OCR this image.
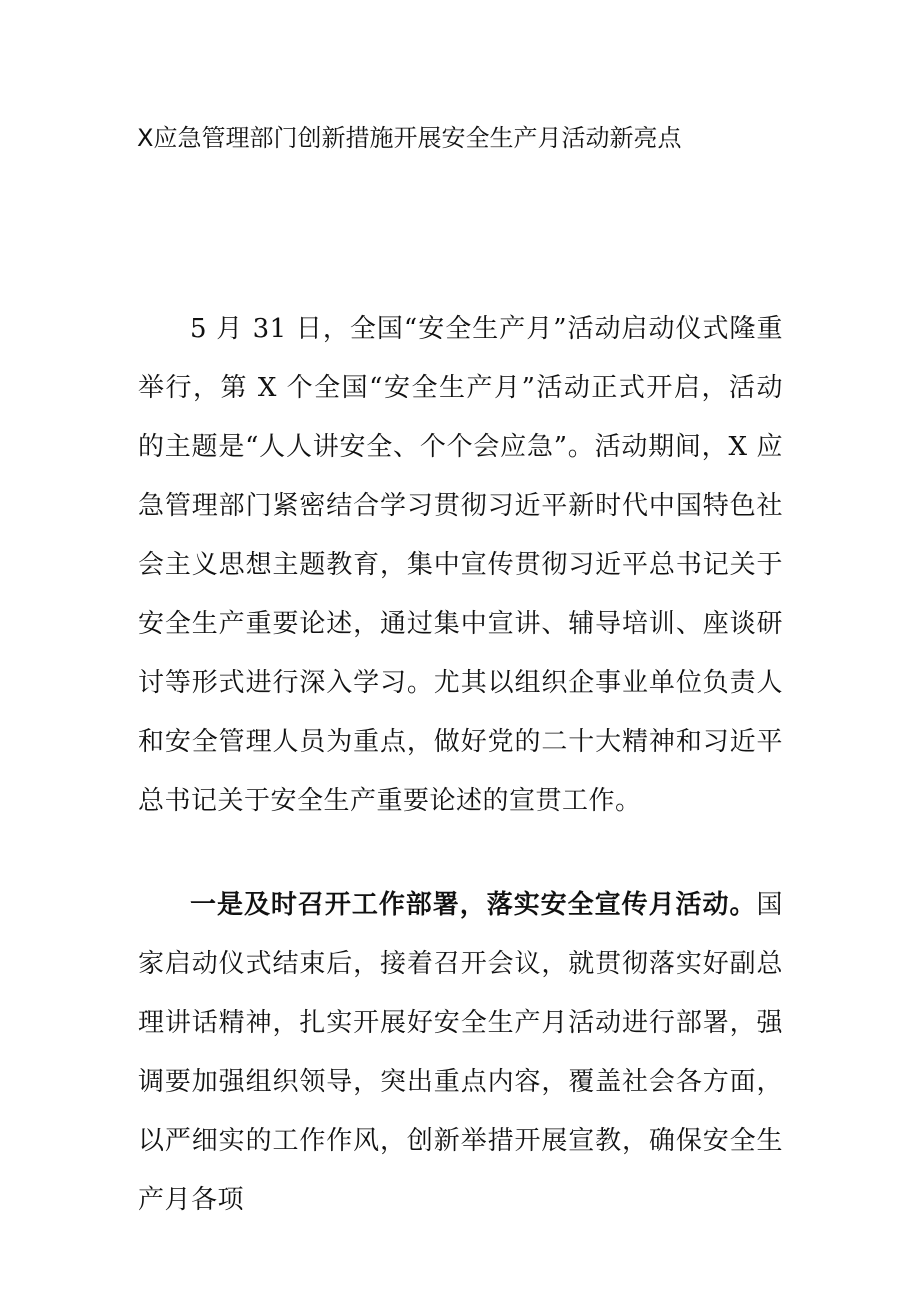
X应急管理部门创新措施开展安全生产月活动新亮点
5 月 31 日，全国“安全生产月”活动启动仪式隆重举行，第 X 个全国“安全生产月”活动正式开启，活动的主题是“人人讲安全、个个会应急”。活动期间，X 应急管理部门紧密结合学习贯彻习近平新时代中国特色社会主义思想主题教育，集中宣传贯彻习近平总书记关于安全生产重要论述，通过集中宣讲、辅导培训、座谈研讨等形式进行深入学习。尤其以组织企事业单位负责人和安全管理人员为重点，做好党的二十大精神和习近平总书记关于安全生产重要论述的宣贯工作。
一是及时召开工作部署，落实安全宣传月活动。国家启动仪式结束后，接着召开会议，就贯彻落实好副总理讲话精神，扎实开展好安全生产月活动进行部署，强调要加强组织领导，突出重点内容，覆盖社会各方面，以严细实的工作作风，创新举措开展宣教，确保安全生产月各项
